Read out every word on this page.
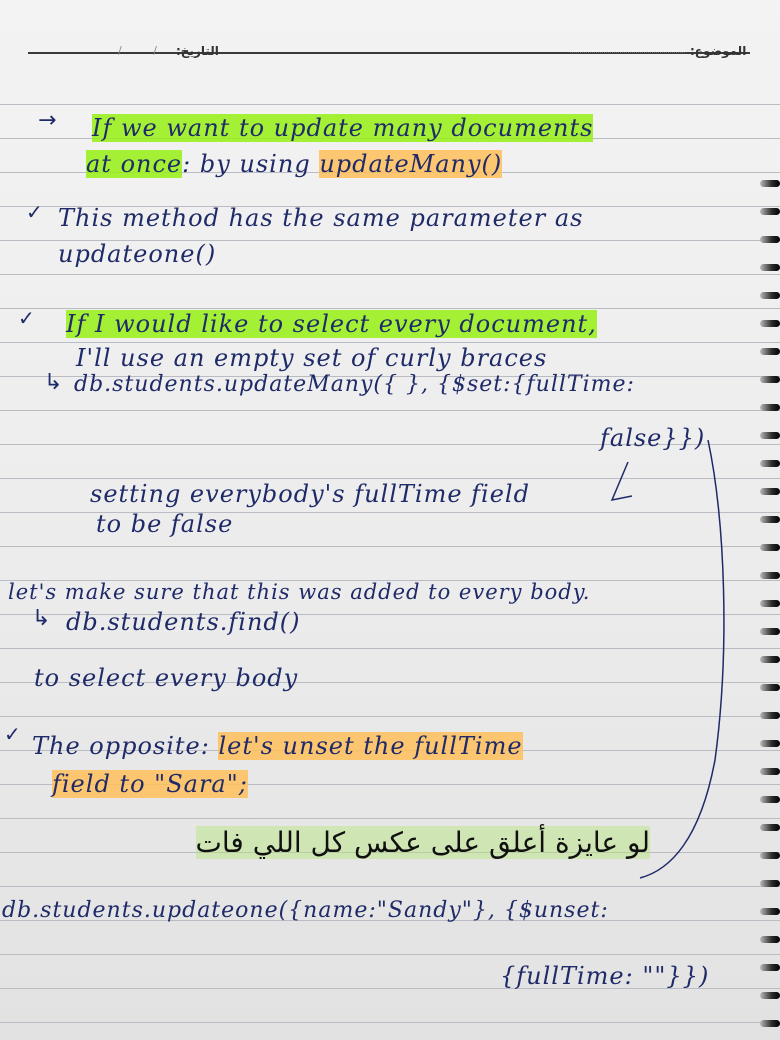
/ / التاريخ:	الموضوع:
→ If we want to update many documents
at once: by using updateMany()
✓ This method has the same parameter as
updateone()
✓ If I would like to select every document,
I'll use an empty set of curly braces
↳ db.students.updateMany({ }, {$set:{fullTime:
false}})
setting everybody's fullTime field
to be false
let's make sure that this was added to every body.
↳ db.students.find()
to select every body
✓ The opposite: let's unset the fullTime
field to "Sara";
لو عايزة أعلق على عكس كل اللي فات
db.students.updateone({name:"Sandy"}, {$unset:
{fullTime: ""}})
